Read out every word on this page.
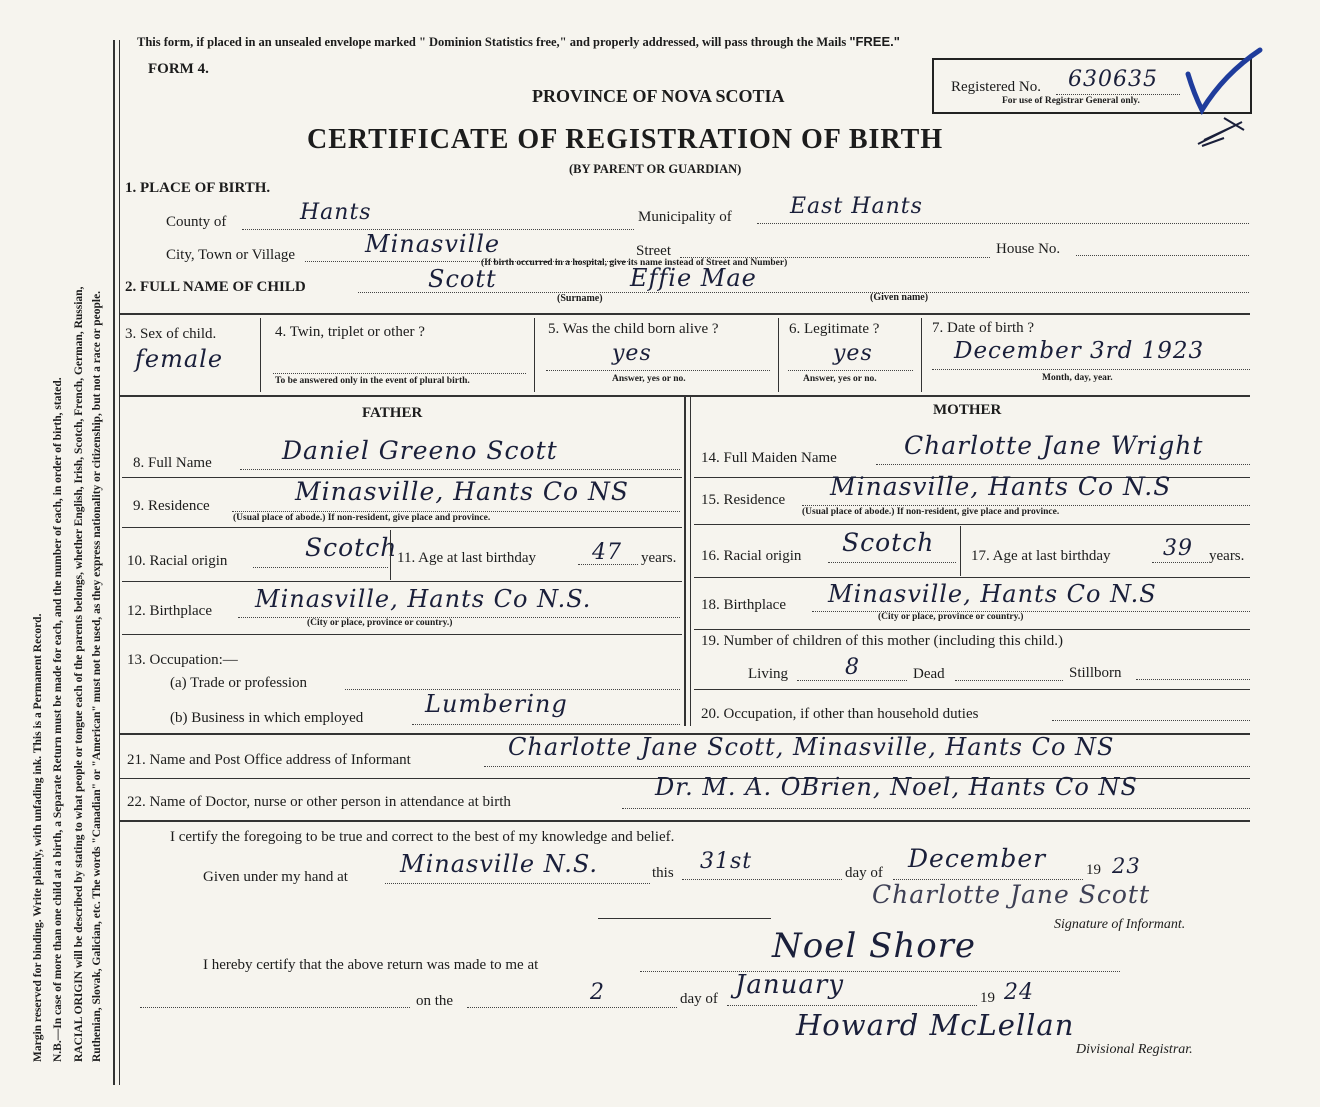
Margin reserved for binding. Write plainly, with unfading ink. This is a Permanent Record. N.B.—In case of more than one child at a birth, a Separate Return must be made for each, and the number of each, in order of birth, stated. RACIAL ORIGIN will be described by stating to what people or tongue each of the parents belongs, whether English, Irish, Scotch, French, German, Russian, Ruthenian, Slovak, Galician, etc. The words "Canadian" or "American" must not be used, as they express nationality or citizenship, but not a race or people.
This form, if placed in an unsealed envelope marked " Dominion Statistics free," and properly addressed, will pass through the Mails "FREE."
FORM 4.
PROVINCE OF NOVA SCOTIA	Registered No. 630635
For use of Registrar General only.
CERTIFICATE OF REGISTRATION OF BIRTH
(BY PARENT OR GUARDIAN)
1. PLACE OF BIRTH.
County of	Hants	Municipality of	East Hants
City, Town or Village	Minasville	Street	House No.
(If birth occurred in a hospital, give its name instead of Street and Number)
2. FULL NAME OF CHILD	Scott
(Surname)
Effie Mae
(Given name)
3. Sex of child.
female
4. Twin, triplet or other ?
To be answered only in the event of plural birth.
5. Was the child born alive ?
yes
Answer, yes or no.
6. Legitimate ?
yes
Answer, yes or no.
7. Date of birth ?
December 3rd 1923
Month, day, year.
FATHER
8. Full Name	Daniel Greeno Scott
9. Residence	Minasville, Hants Co NS
(Usual place of abode.) If non-resident, give place and province.
10. Racial origin	Scotch 11. Age at last birthday	47 years.
12. Birthplace Minasville, Hants Co N.S.
(City or place, province or country.)
13. Occupation:—
(a) Trade or profession
(b) Business in which employed	Lumbering
MOTHER
14. Full Maiden Name	Charlotte Jane Wright
15. Residence Minasville, Hants Co N.S
(Usual place of abode.) If non-resident, give place and province.
16. Racial origin Scotch 17. Age at last birthday 39 years.
18. Birthplace Minasville, Hants Co N.S
(City or place, province or country.)
19. Number of children of this mother (including this child.)
Living	8	Dead	Stillborn
20. Occupation, if other than household duties
21. Name and Post Office address of Informant	Charlotte Jane Scott, Minasville, Hants Co NS
22. Name of Doctor, nurse or other person in attendance at birth
Dr. M. A. OBrien, Noel, Hants Co NS
I certify the foregoing to be true and correct to the best of my knowledge and belief.
Given under my hand at Minasville N.S.	this 31st	day of December	19 23
Charlotte Jane Scott
Signature of Informant.
I hereby certify that the above return was made to me at	Noel Shore
on the	2	day of January	19 24
Howard McLellan
Divisional Registrar.
